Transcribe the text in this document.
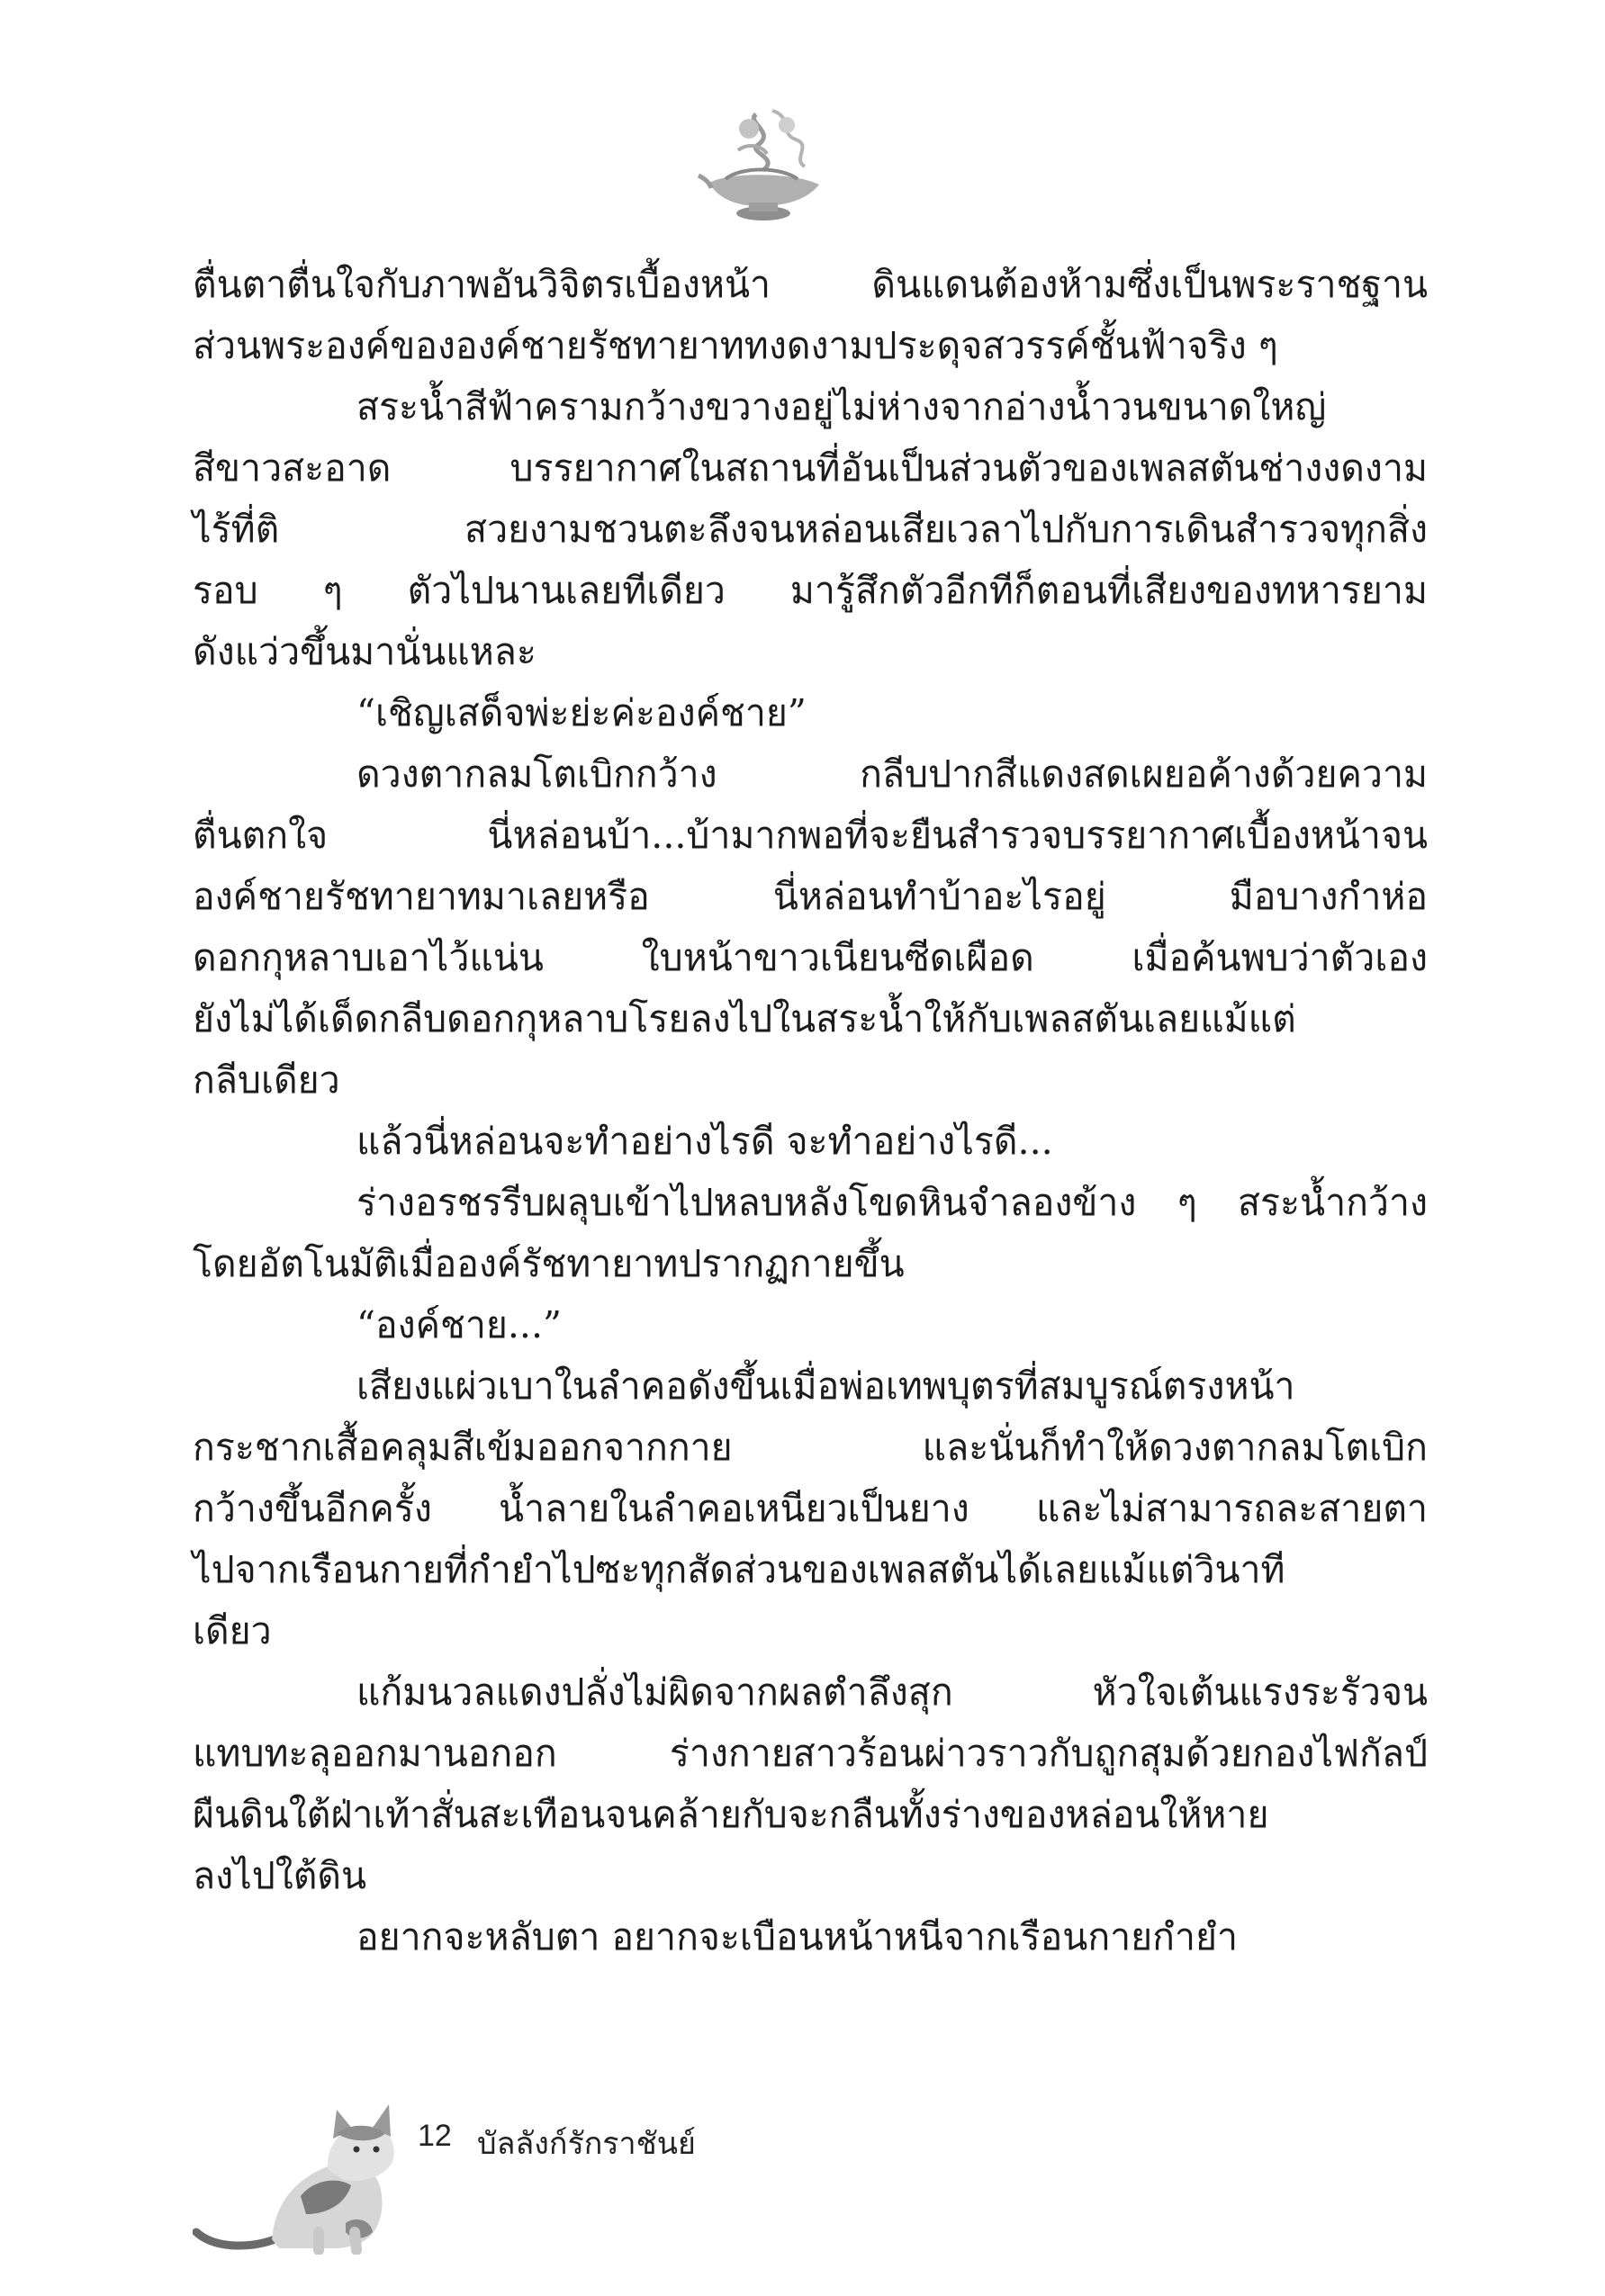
ตื่นตาตื่นใจกับภาพอันวิจิตรเบื้องหน้า ดินแดนต้องห้ามซึ่งเป็นพระราชฐาน
ส่วนพระองค์ขององค์ชายรัชทายาททงดงามประดุจสวรรค์ชั้นฟ้าจริง ๆ
สระน้ำสีฟ้าครามกว้างขวางอยู่ไม่ห่างจากอ่างน้ำวนขนาดใหญ่
สีขาวสะอาด บรรยากาศในสถานที่อันเป็นส่วนตัวของเพลสตันช่างงดงาม
ไร้ที่ติ สวยงามชวนตะลึงจนหล่อนเสียเวลาไปกับการเดินสำรวจทุกสิ่ง
รอบ ๆ ตัวไปนานเลยทีเดียว มารู้สึกตัวอีกทีก็ตอนที่เสียงของทหารยาม
ดังแว่วขึ้นมานั่นแหละ
“เชิญเสด็จพ่ะย่ะค่ะองค์ชาย”
ดวงตากลมโตเบิกกว้าง กลีบปากสีแดงสดเผยอค้างด้วยความ
ตื่นตกใจ นี่หล่อนบ้า...บ้ามากพอที่จะยืนสำรวจบรรยากาศเบื้องหน้าจน
องค์ชายรัชทายาทมาเลยหรือ นี่หล่อนทำบ้าอะไรอยู่ มือบางกำห่อ
ดอกกุหลาบเอาไว้แน่น ใบหน้าขาวเนียนซีดเผือด เมื่อค้นพบว่าตัวเอง
ยังไม่ได้เด็ดกลีบดอกกุหลาบโรยลงไปในสระน้ำให้กับเพลสตันเลยแม้แต่
กลีบเดียว
แล้วนี่หล่อนจะทำอย่างไรดี จะทำอย่างไรดี...
ร่างอรชรรีบผลุบเข้าไปหลบหลังโขดหินจำลองข้าง ๆ สระน้ำกว้าง
โดยอัตโนมัติเมื่อองค์รัชทายาทปรากฏกายขึ้น
“องค์ชาย...”
เสียงแผ่วเบาในลำคอดังขึ้นเมื่อพ่อเทพบุตรที่สมบูรณ์ตรงหน้า
กระชากเสื้อคลุมสีเข้มออกจากกาย และนั่นก็ทำให้ดวงตากลมโตเบิก
กว้างขึ้นอีกครั้ง น้ำลายในลำคอเหนียวเป็นยาง และไม่สามารถละสายตา
ไปจากเรือนกายที่กำยำไปซะทุกสัดส่วนของเพลสตันได้เลยแม้แต่วินาที
เดียว
แก้มนวลแดงปลั่งไม่ผิดจากผลตำลึงสุก หัวใจเต้นแรงระรัวจน
แทบทะลุออกมานอกอก ร่างกายสาวร้อนผ่าวราวกับถูกสุมด้วยกองไฟกัลป์
ผืนดินใต้ฝ่าเท้าสั่นสะเทือนจนคล้ายกับจะกลืนทั้งร่างของหล่อนให้หาย
ลงไปใต้ดิน
อยากจะหลับตา อยากจะเบือนหน้าหนีจากเรือนกายกำยำ
12 บัลลังก์รักราชันย์
